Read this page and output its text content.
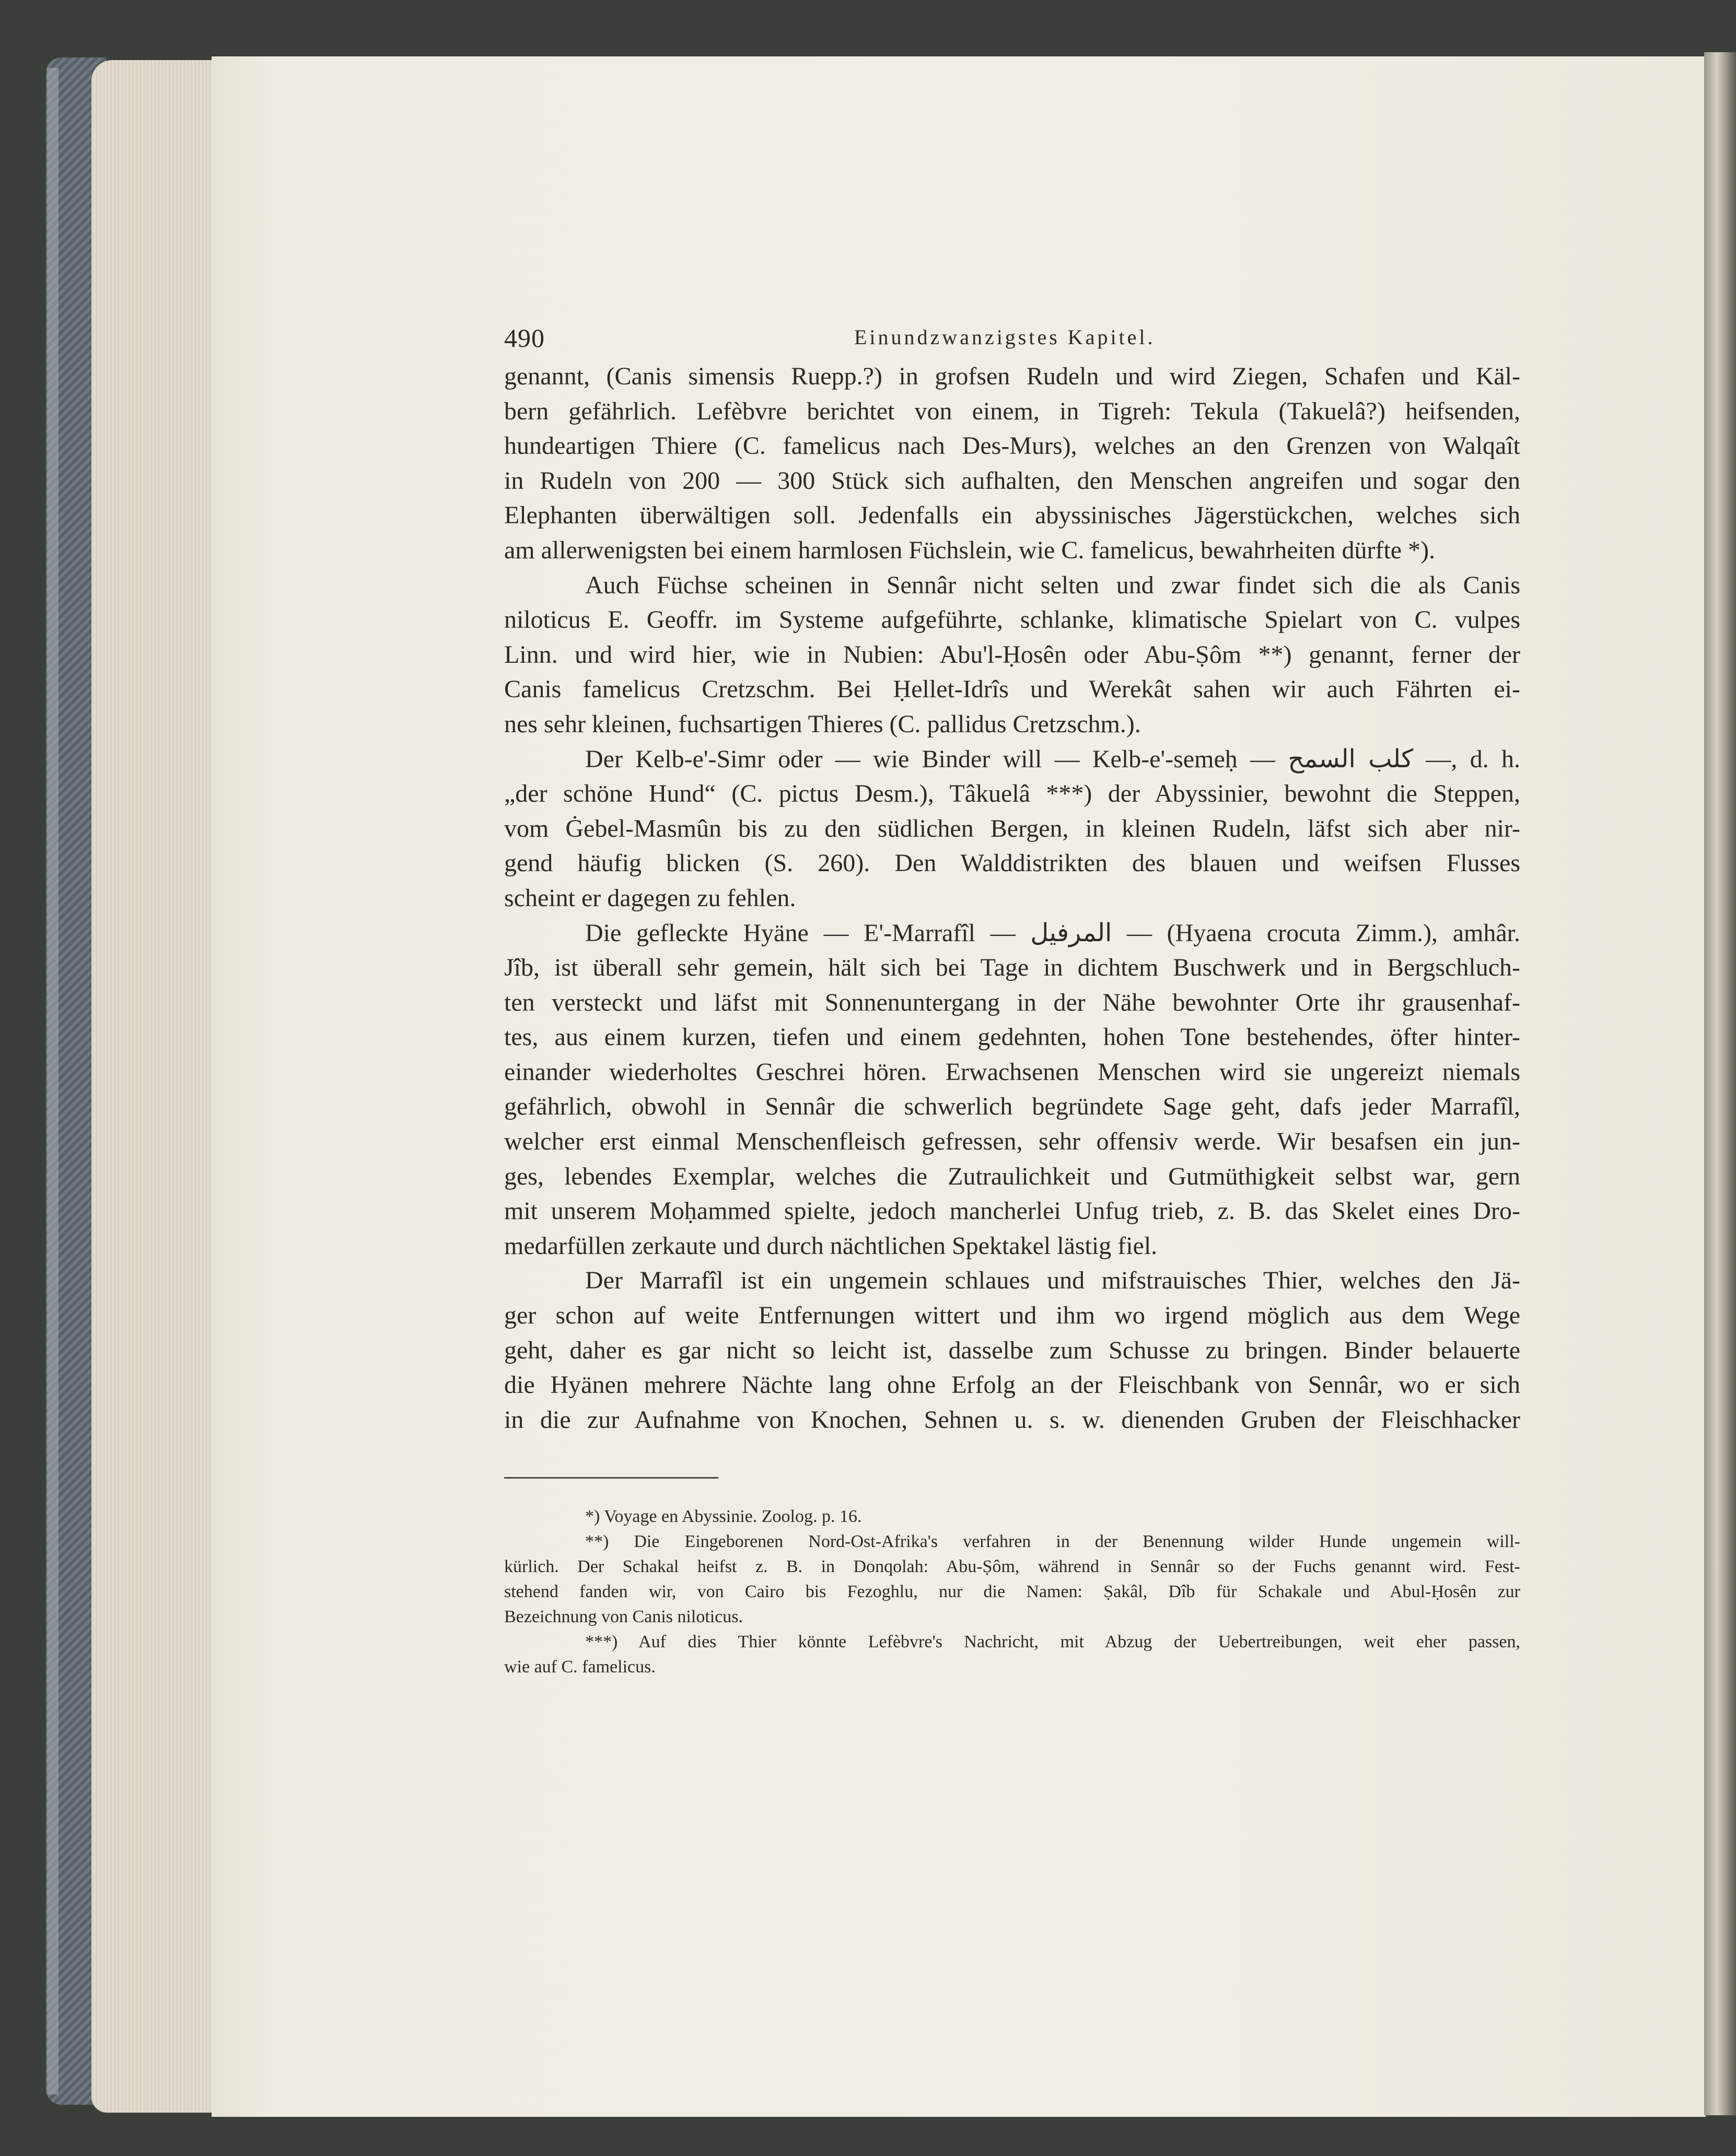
490	Einundzwanzigstes Kapitel.
genannt, (Canis simensis Ruepp.?) in grofsen Rudeln und wird Ziegen, Schafen und Käl-
bern gefährlich. Lefèbvre berichtet von einem, in Tigreh: Tekula (Takuelâ?) heifsenden,
hundeartigen Thiere (C. famelicus nach Des-Murs), welches an den Grenzen von Walqaît
in Rudeln von 200 — 300 Stück sich aufhalten, den Menschen angreifen und sogar den
Elephanten überwältigen soll. Jedenfalls ein abyssinisches Jägerstückchen, welches sich
am allerwenigsten bei einem harmlosen Füchslein, wie C. famelicus, bewahrheiten dürfte *).
Auch Füchse scheinen in Sennâr nicht selten und zwar findet sich die als Canis
niloticus E. Geoffr. im Systeme aufgeführte, schlanke, klimatische Spielart von C. vulpes
Linn. und wird hier, wie in Nubien: Abu'l-Ḥosên oder Abu-Ṣôm **) genannt, ferner der
Canis famelicus Cretzschm. Bei Ḥellet-Idrîs und Werekât sahen wir auch Fährten ei-
nes sehr kleinen, fuchsartigen Thieres (C. pallidus Cretzschm.).
Der Kelb-e'-Simr oder — wie Binder will — Kelb-e'-semeḥ — كلب السمح —, d. h.
„der schöne Hund“ (C. pictus Desm.), Tâkuelâ ***) der Abyssinier, bewohnt die Steppen,
vom Ġebel-Masmûn bis zu den südlichen Bergen, in kleinen Rudeln, läfst sich aber nir-
gend häufig blicken (S. 260). Den Walddistrikten des blauen und weifsen Flusses
scheint er dagegen zu fehlen.
Die gefleckte Hyäne — E'-Marrafîl — المرفيل — (Hyaena crocuta Zimm.), amhâr.
Jîb, ist überall sehr gemein, hält sich bei Tage in dichtem Buschwerk und in Bergschluch-
ten versteckt und läfst mit Sonnenuntergang in der Nähe bewohnter Orte ihr grausenhaf-
tes, aus einem kurzen, tiefen und einem gedehnten, hohen Tone bestehendes, öfter hinter-
einander wiederholtes Geschrei hören. Erwachsenen Menschen wird sie ungereizt niemals
gefährlich, obwohl in Sennâr die schwerlich begründete Sage geht, dafs jeder Marrafîl,
welcher erst einmal Menschenfleisch gefressen, sehr offensiv werde. Wir besafsen ein jun-
ges, lebendes Exemplar, welches die Zutraulichkeit und Gutmüthigkeit selbst war, gern
mit unserem Moḥammed spielte, jedoch mancherlei Unfug trieb, z. B. das Skelet eines Dro-
medarfüllen zerkaute und durch nächtlichen Spektakel lästig fiel.
Der Marrafîl ist ein ungemein schlaues und mifstrauisches Thier, welches den Jä-
ger schon auf weite Entfernungen wittert und ihm wo irgend möglich aus dem Wege
geht, daher es gar nicht so leicht ist, dasselbe zum Schusse zu bringen. Binder belauerte
die Hyänen mehrere Nächte lang ohne Erfolg an der Fleischbank von Sennâr, wo er sich
in die zur Aufnahme von Knochen, Sehnen u. s. w. dienenden Gruben der Fleischhacker
*) Voyage en Abyssinie. Zoolog. p. 16.
**) Die Eingeborenen Nord-Ost-Afrika's verfahren in der Benennung wilder Hunde ungemein will-
kürlich. Der Schakal heifst z. B. in Donqolah: Abu-Ṣôm, während in Sennâr so der Fuchs genannt wird. Fest-
stehend fanden wir, von Cairo bis Fezoghlu, nur die Namen: Ṣakâl, Dîb für Schakale und Abul-Ḥosên zur
Bezeichnung von Canis niloticus.
***) Auf dies Thier könnte Lefèbvre's Nachricht, mit Abzug der Uebertreibungen, weit eher passen,
wie auf C. famelicus.
